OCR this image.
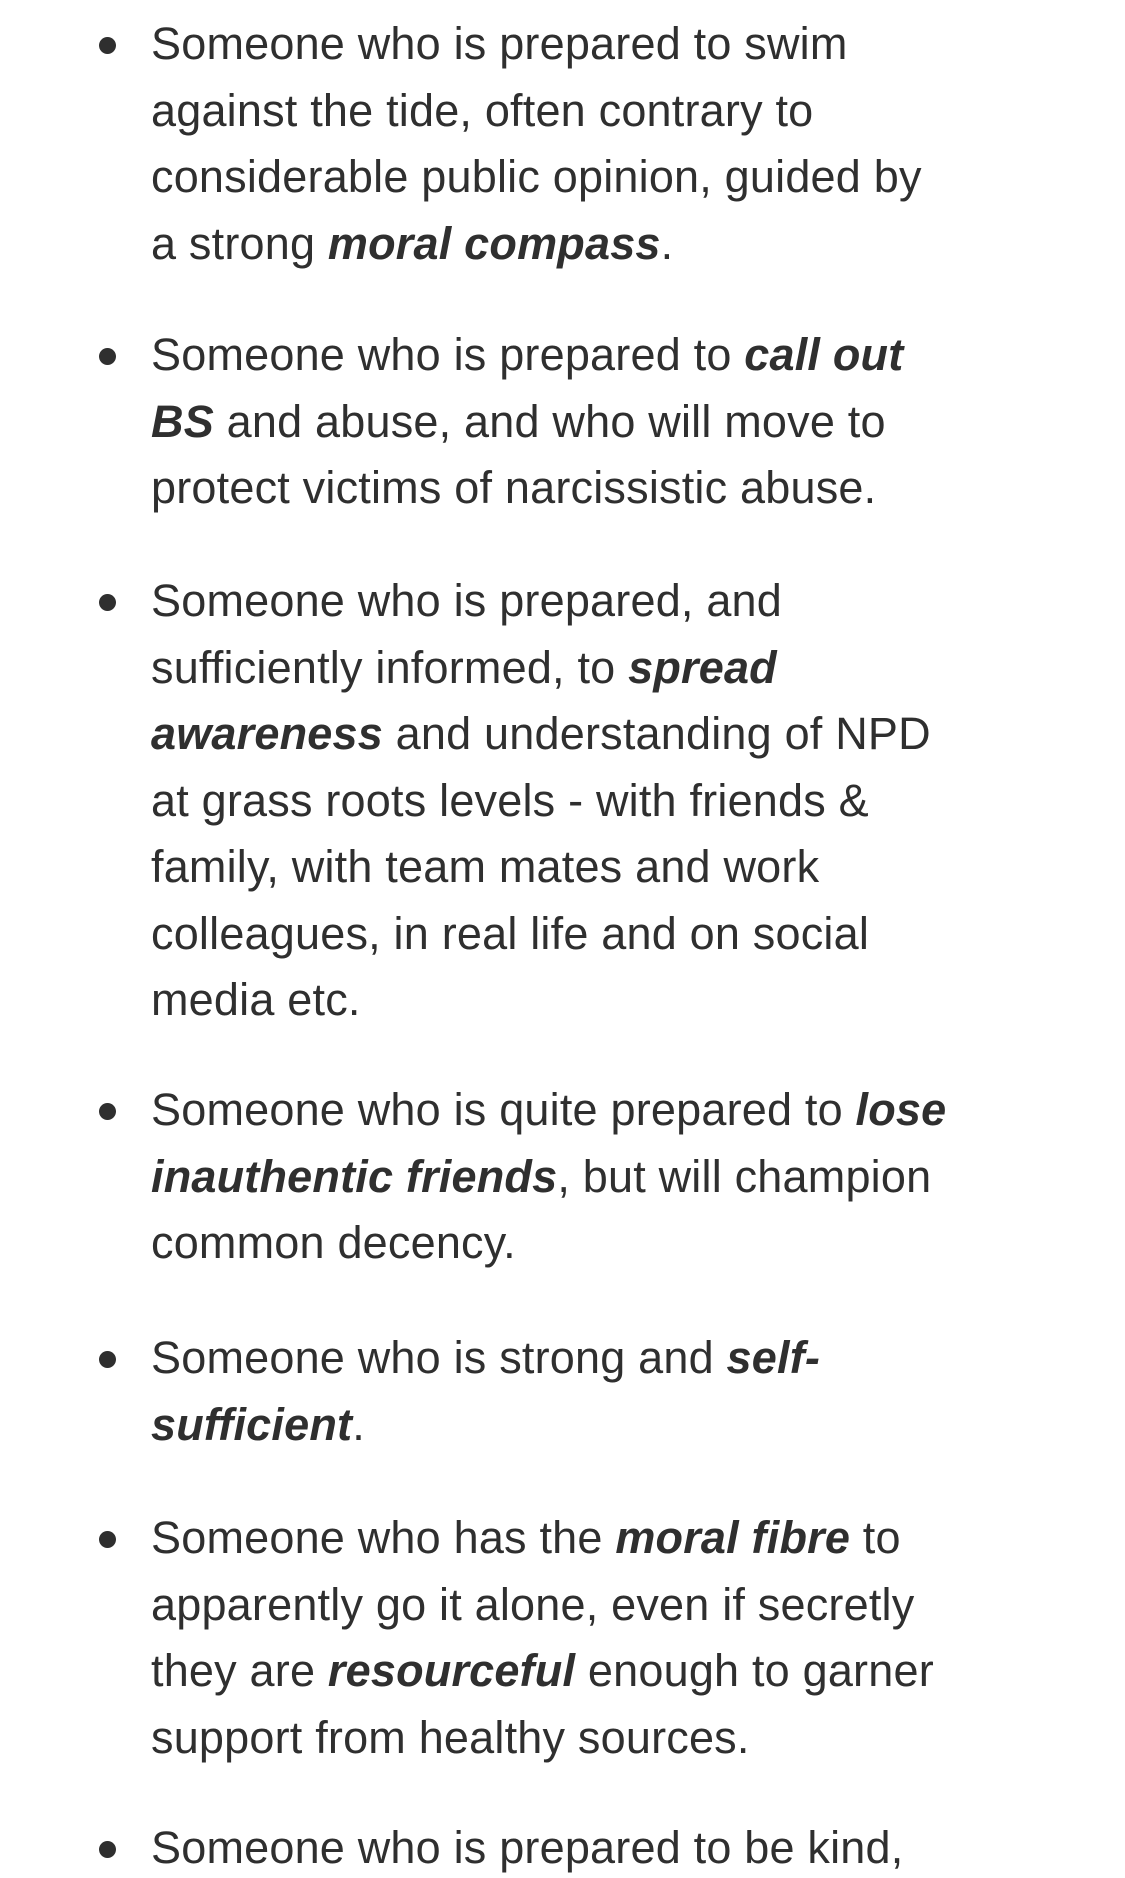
Someone who is prepared to swim
against the tide, often contrary to
considerable public opinion, guided by
a strong moral compass.

Someone who is prepared to call out
BS and abuse, and who will move to
protect victims of narcissistic abuse.

Someone who is prepared, and
sufficiently informed, to spread
awareness and understanding of NPD
at grass roots levels - with friends &
family, with team mates and work
colleagues, in real life and on social
media etc.

Someone who is quite prepared to lose
inauthentic friends, but will champion
common decency.

Someone who is strong and self-
sufficient.

Someone who has the moral fibre to
apparently go it alone, even if secretly
they are resourceful enough to garner
support from healthy sources.

Someone who is prepared to be kind,
